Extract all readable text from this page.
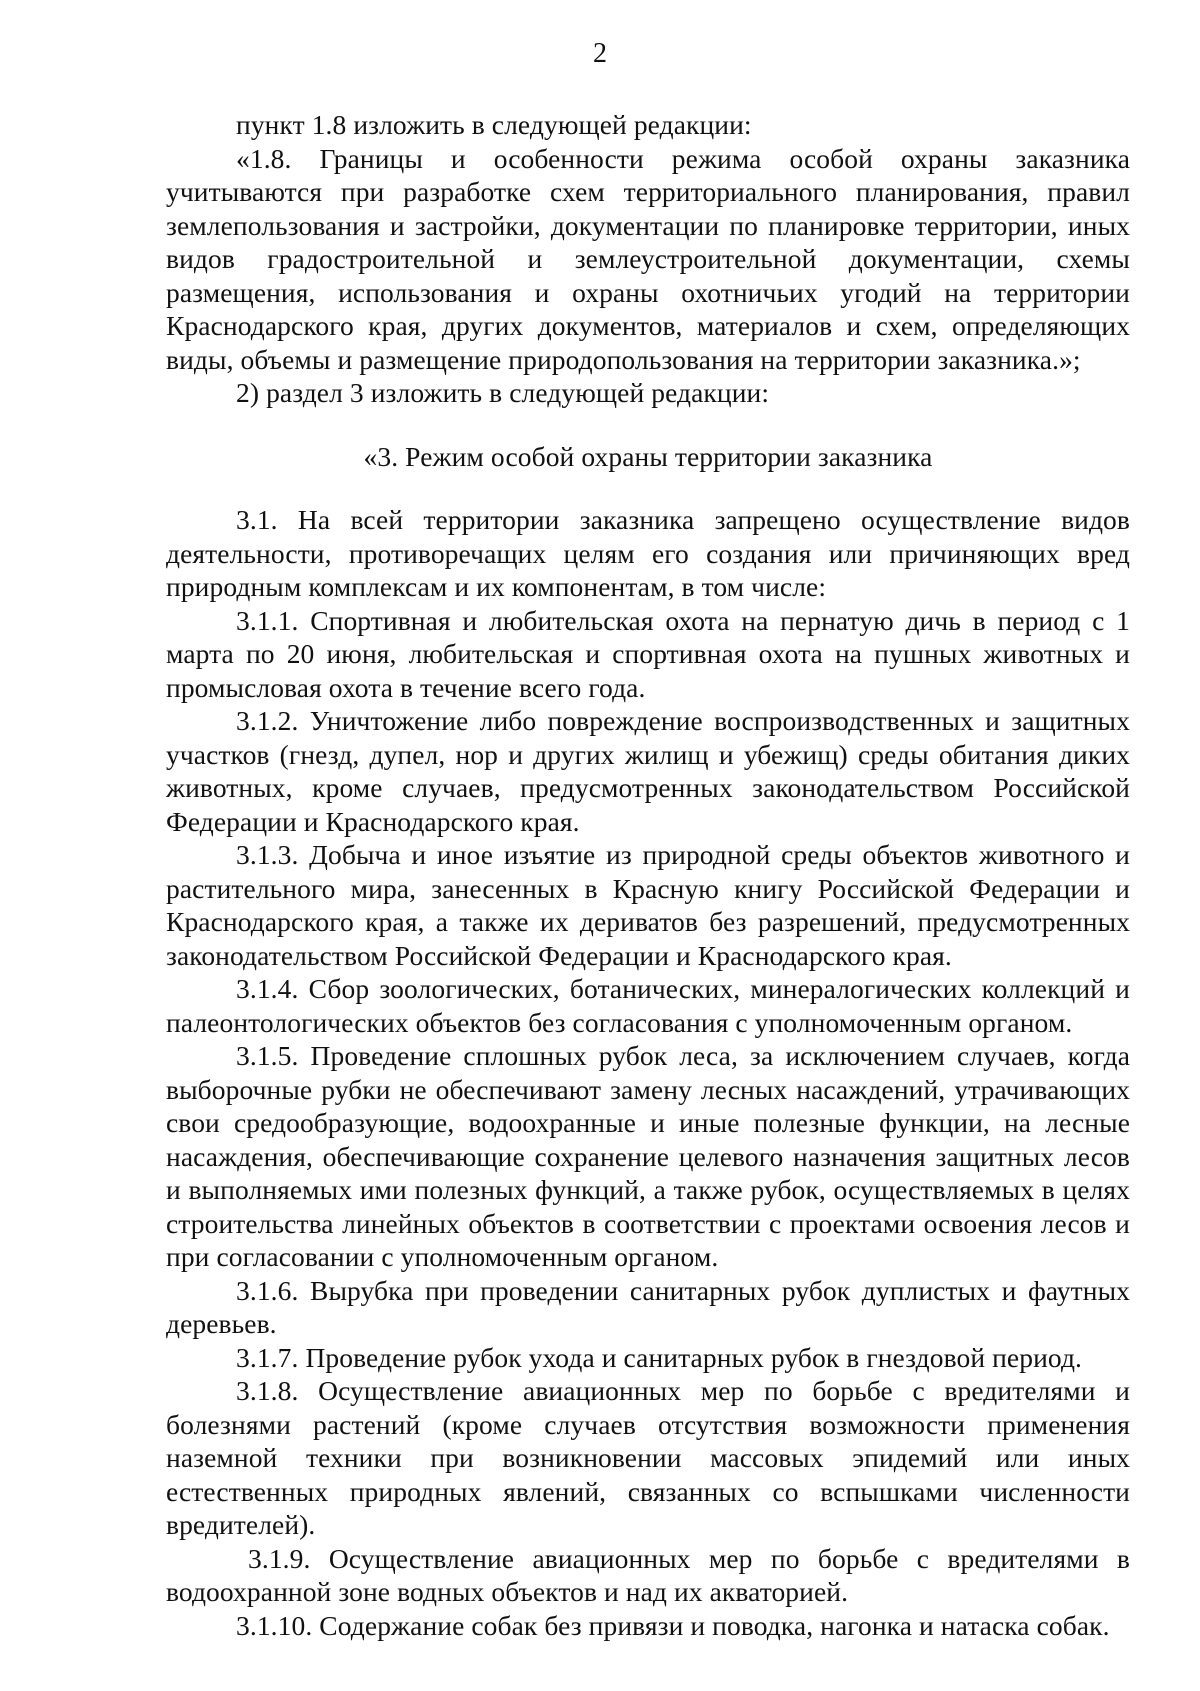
2

пункт 1.8 изложить в следующей редакции:

«1.8. Границы и особенности режима особой охраны заказника учитываются при разработке схем территориального планирования, правил землепользования и застройки, документации по планировке территории, иных видов градостроительной и землеустроительной документации, схемы размещения, использования и охраны охотничьих угодий на территории Краснодарского края, других документов, материалов и схем, определяющих виды, объемы и размещение природопользования на территории заказника.»;

2) раздел 3 изложить в следующей редакции:

«3. Режим особой охраны территории заказника

3.1. На всей территории заказника запрещено осуществление видов деятельности, противоречащих целям его создания или причиняющих вред природным комплексам и их компонентам, в том числе:

3.1.1. Спортивная и любительская охота на пернатую дичь в период с 1 марта по 20 июня, любительская и спортивная охота на пушных животных и промысловая охота в течение всего года.

3.1.2. Уничтожение либо повреждение воспроизводственных и защитных участков (гнезд, дупел, нор и других жилищ и убежищ) среды обитания диких животных, кроме случаев, предусмотренных законодательством Российской Федерации и Краснодарского края.

3.1.3. Добыча и иное изъятие из природной среды объектов животного и растительного мира, занесенных в Красную книгу Российской Федерации и Краснодарского края, а также их дериватов без разрешений, предусмотренных законодательством Российской Федерации и Краснодарского края.

3.1.4. Сбор зоологических, ботанических, минералогических коллекций и палеонтологических объектов без согласования с уполномоченным органом.

3.1.5. Проведение сплошных рубок леса, за исключением случаев, когда выборочные рубки не обеспечивают замену лесных насаждений, утрачивающих свои средообразующие, водоохранные и иные полезные функции, на лесные насаждения, обеспечивающие сохранение целевого назначения защитных лесов и выполняемых ими полезных функций, а также рубок, осуществляемых в целях строительства линейных объектов в соответствии с проектами освоения лесов и при согласовании с уполномоченным органом.

3.1.6. Вырубка при проведении санитарных рубок дуплистых и фаутных деревьев.

3.1.7. Проведение рубок ухода и санитарных рубок в гнездовой период.

3.1.8. Осуществление авиационных мер по борьбе с вредителями и болезнями растений (кроме случаев отсутствия возможности применения наземной техники при возникновении массовых эпидемий или иных естественных природных явлений, связанных со вспышками численности вредителей).

3.1.9. Осуществление авиационных мер по борьбе с вредителями в водоохранной зоне водных объектов и над их акваторией.

3.1.10. Содержание собак без привязи и поводка, нагонка и натаска собак.
